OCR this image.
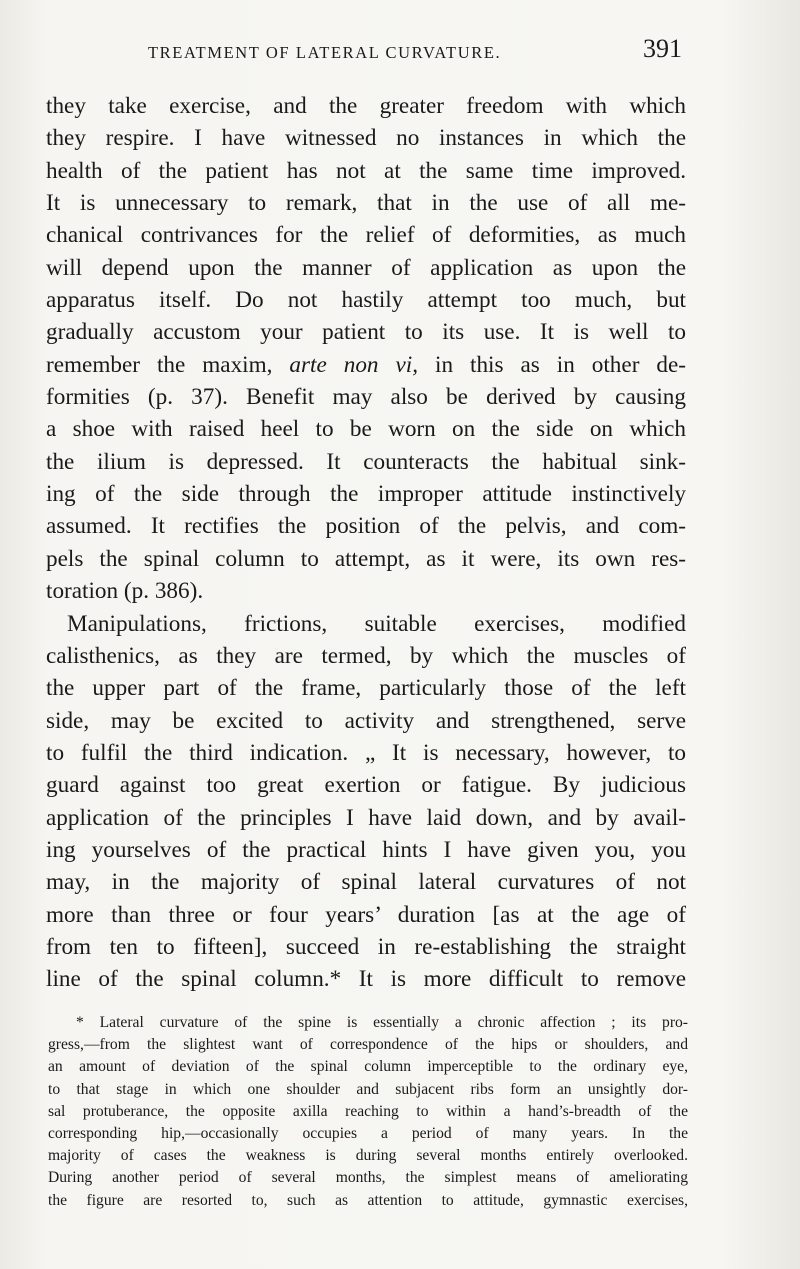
TREATMENT OF LATERAL CURVATURE.	391
they take exercise, and the greater freedom with which
they respire. I have witnessed no instances in which the
health of the patient has not at the same time improved.
It is unnecessary to remark, that in the use of all me-
chanical contrivances for the relief of deformities, as much
will depend upon the manner of application as upon the
apparatus itself. Do not hastily attempt too much, but
gradually accustom your patient to its use. It is well to
remember the maxim, arte non vi, in this as in other de-
formities (p. 37). Benefit may also be derived by causing
a shoe with raised heel to be worn on the side on which
the ilium is depressed. It counteracts the habitual sink-
ing of the side through the improper attitude instinctively
assumed. It rectifies the position of the pelvis, and com-
pels the spinal column to attempt, as it were, its own res-
toration (p. 386).
Manipulations, frictions, suitable exercises, modified
calisthenics, as they are termed, by which the muscles of
the upper part of the frame, particularly those of the left
side, may be excited to activity and strengthened, serve
to fulfil the third indication. „ It is necessary, however, to
guard against too great exertion or fatigue. By judicious
application of the principles I have laid down, and by avail-
ing yourselves of the practical hints I have given you, you
may, in the majority of spinal lateral curvatures of not
more than three or four years’ duration [as at the age of
from ten to fifteen], succeed in re-establishing the straight
line of the spinal column.* It is more difficult to remove
* Lateral curvature of the spine is essentially a chronic affection ; its pro-
gress,—from the slightest want of correspondence of the hips or shoulders, and
an amount of deviation of the spinal column imperceptible to the ordinary eye,
to that stage in which one shoulder and subjacent ribs form an unsightly dor-
sal protuberance, the opposite axilla reaching to within a hand’s-breadth of the
corresponding hip,—occasionally occupies a period of many years. In the
majority of cases the weakness is during several months entirely overlooked.
During another period of several months, the simplest means of ameliorating
the figure are resorted to, such as attention to attitude, gymnastic exercises,
